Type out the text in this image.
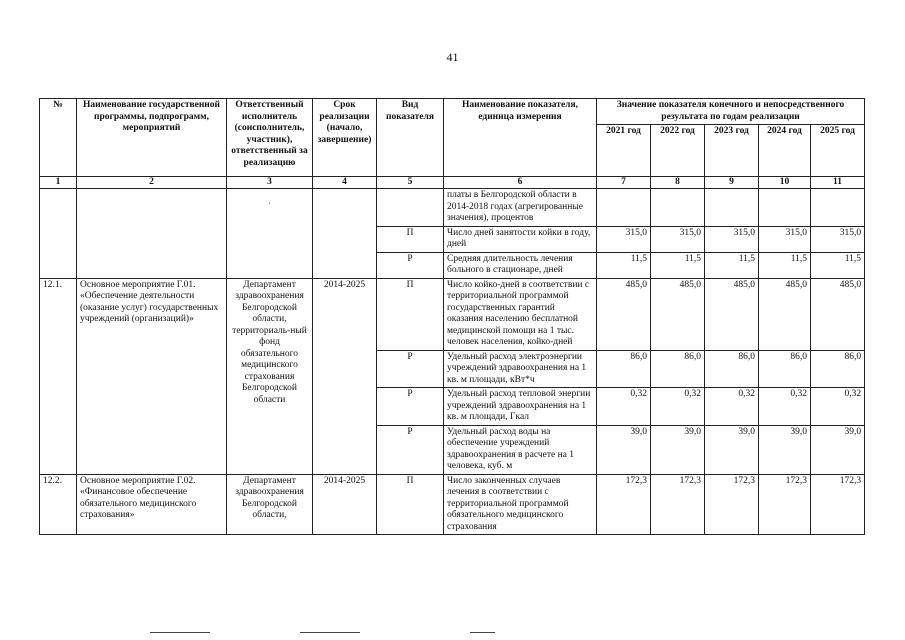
41
№	Наименование государственной программы, подпрограмм, мероприятий	Ответственный исполнитель (соисполнитель, участник), ответственный за реализацию	Срок реализации (начало, завершение)	Вид показателя	Наименование показателя, единица измерения	Значение показателя конечного и непосредственного результата по годам реализации				
						2021 год	2022 год	2023 год	2024 год	2025 год
1	2	3	4	5	6	7	8	9	10	11

		·			платы в Белгородской области в 2014-2018 годах (агрегированные значения), процентов					
				П	Число дней занятости койки в году, дней	315,0	315,0	315,0	315,0	315,0
				Р	Средняя длительность лечения больного в стационаре, дней	11,5	11,5	11,5	11,5	11,5
12.1.	Основное мероприятие Г.01. «Обеспечение деятельности (оказание услуг) государственных учреждений (организаций)»	Департамент здравоохранения Белгородской области, территориаль-ный фонд обязательного медицинского страхования Белгородской области	2014-2025	П	Число койко-дней в соответствии с территориальной программой государственных гарантий оказания населению бесплатной медицинской помощи на 1 тыс. человек населения, койко-дней	485,0	485,0	485,0	485,0	485,0
				Р	Удельный расход электроэнергии учреждений здравоохранения на 1 кв. м площади, кВт*ч	86,0	86,0	86,0	86,0	86,0
				Р	Удельный расход тепловой энергии учреждений здравоохранения на 1 кв. м площади, Гкал	0,32	0,32	0,32	0,32	0,32
				Р	Удельный расход воды на обеспечение учреждений здравоохранения в расчете на 1 человека, куб. м	39,0	39,0	39,0	39,0	39,0
12.2.	Основное мероприятие Г.02. «Финансовое обеспечение обязательного медицинского страхования»	Департамент здравоохранения Белгородской области,	2014-2025	П	Число законченных случаев лечения в соответствии с территориальной программой обязательного медицинского страхования	172,3	172,3	172,3	172,3	172,3
